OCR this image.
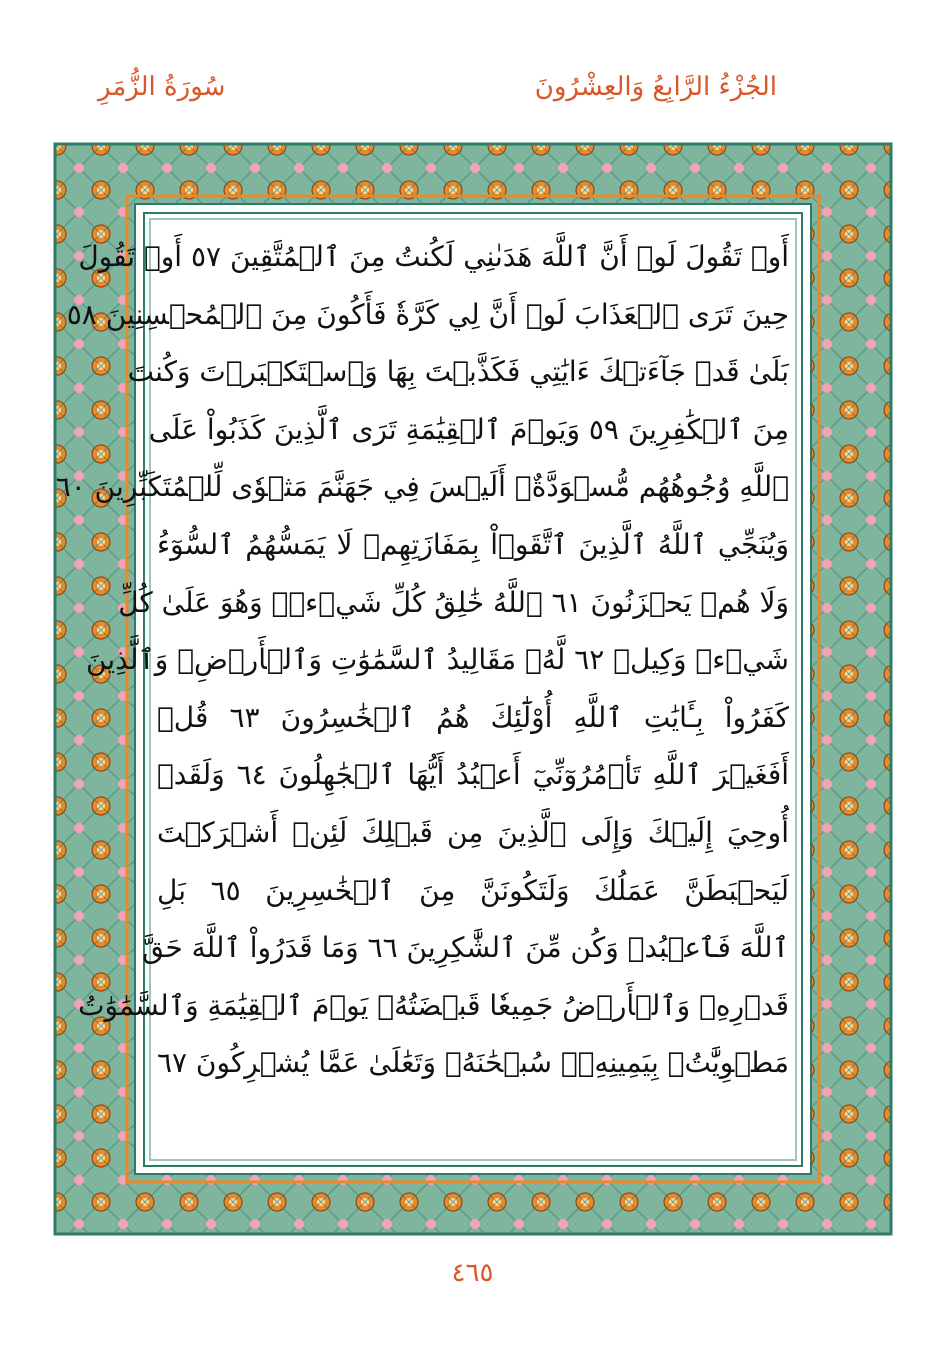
سُورَةُ الزُّمَرِ	الجُزْءُ الرَّابِعُ وَالعِشْرُونَ
أَوۡ تَقُولَ لَوۡ أَنَّ ٱللَّهَ هَدَىٰنِي لَكُنتُ مِنَ ٱلۡمُتَّقِينَ ٥٧ أَوۡ تَقُولَ
حِينَ تَرَى ٱلۡعَذَابَ لَوۡ أَنَّ لِي كَرَّةٗ فَأَكُونَ مِنَ ٱلۡمُحۡسِنِينَ ٥٨
بَلَىٰ قَدۡ جَآءَتۡكَ ءَايَٰتِي فَكَذَّبۡتَ بِهَا وَٱسۡتَكۡبَرۡتَ وَكُنتَ
مِنَ ٱلۡكَٰفِرِينَ ٥٩ وَيَوۡمَ ٱلۡقِيَٰمَةِ تَرَى ٱلَّذِينَ كَذَبُواْ عَلَى
ٱللَّهِ وُجُوهُهُم مُّسۡوَدَّةٌۚ أَلَيۡسَ فِي جَهَنَّمَ مَثۡوٗى لِّلۡمُتَكَبِّرِينَ ٦٠
وَيُنَجِّي ٱللَّهُ ٱلَّذِينَ ٱتَّقَوۡاْ بِمَفَازَتِهِمۡ لَا يَمَسُّهُمُ ٱلسُّوٓءُ
وَلَا هُمۡ يَحۡزَنُونَ ٦١ ٱللَّهُ خَٰلِقُ كُلِّ شَيۡءٖۖ وَهُوَ عَلَىٰ كُلِّ
شَيۡءٖ وَكِيلٞ ٦٢ لَّهُۥ مَقَالِيدُ ٱلسَّمَٰوَٰتِ وَٱلۡأَرۡضِۗ وَٱلَّذِينَ
كَفَرُواْ بِـَٔايَٰتِ ٱللَّهِ أُوْلَٰٓئِكَ هُمُ ٱلۡخَٰسِرُونَ ٦٣ قُلۡ
أَفَغَيۡرَ ٱللَّهِ تَأۡمُرُوٓنِّيٓ أَعۡبُدُ أَيُّهَا ٱلۡجَٰهِلُونَ ٦٤ وَلَقَدۡ
أُوحِيَ إِلَيۡكَ وَإِلَى ٱلَّذِينَ مِن قَبۡلِكَ لَئِنۡ أَشۡرَكۡتَ
لَيَحۡبَطَنَّ عَمَلُكَ وَلَتَكُونَنَّ مِنَ ٱلۡخَٰسِرِينَ ٦٥ بَلِ
ٱللَّهَ فَٱعۡبُدۡ وَكُن مِّنَ ٱلشَّٰكِرِينَ ٦٦ وَمَا قَدَرُواْ ٱللَّهَ حَقَّ
قَدۡرِهِۦ وَٱلۡأَرۡضُ جَمِيعٗا قَبۡضَتُهُۥ يَوۡمَ ٱلۡقِيَٰمَةِ وَٱلسَّمَٰوَٰتُ
مَطۡوِيَّٰتُۢ بِيَمِينِهِۦۚ سُبۡحَٰنَهُۥ وَتَعَٰلَىٰ عَمَّا يُشۡرِكُونَ ٦٧
٤٦٥
